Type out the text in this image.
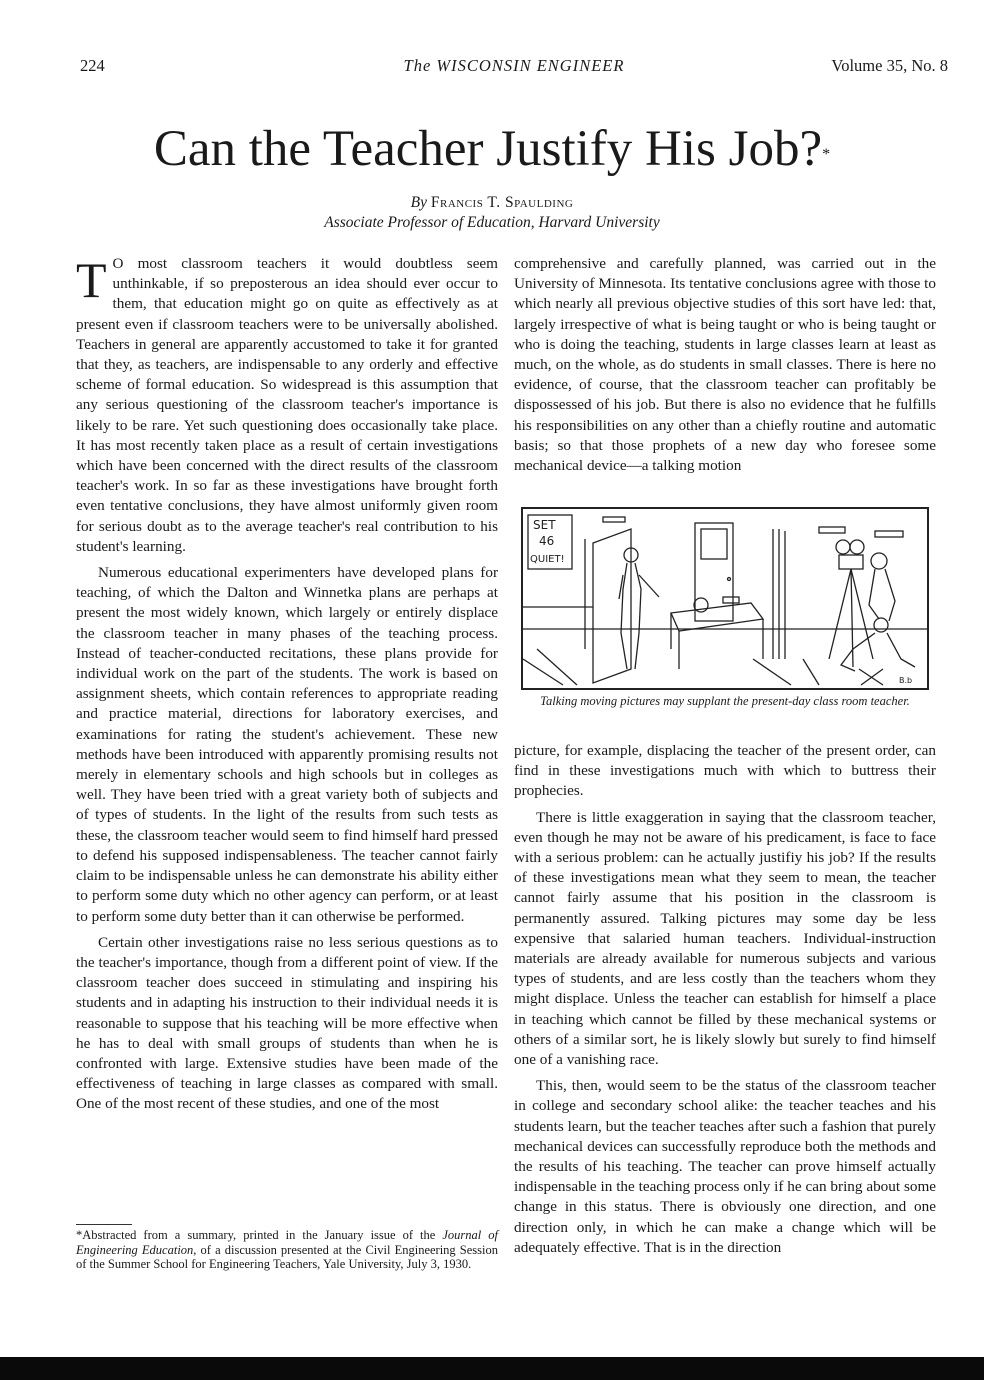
224	The WISCONSIN ENGINEER	Volume 35, No. 8
Can the Teacher Justify His Job?*
By Francis T. Spaulding
Associate Professor of Education, Harvard University

T O most classroom teachers it would doubtless seem unthinkable, if so preposterous an idea should ever occur to them, that education might go on quite as effectively as at present even if classroom teachers were to be universally abolished. Teachers in general are apparently accustomed to take it for granted that they, as teachers, are indispensable to any orderly and effective scheme of formal education. So widespread is this assumption that any serious questioning of the classroom teacher's importance is likely to be rare. Yet such questioning does occasionally take place. It has most recently taken place as a result of certain investigations which have been concerned with the direct results of the classroom teacher's work. In so far as these investigations have brought forth even tentative conclusions, they have almost uniformly given room for serious doubt as to the average teacher's real contribution to his student's learning.

Numerous educational experimenters have developed plans for teaching, of which the Dalton and Winnetka plans are perhaps at present the most widely known, which largely or entirely displace the classroom teacher in many phases of the teaching process. Instead of teacher-conducted recitations, these plans provide for individual work on the part of the students. The work is based on assignment sheets, which contain references to appropriate reading and practice material, directions for laboratory exercises, and examinations for rating the student's achievement. These new methods have been introduced with apparently promising results not merely in elementary schools and high schools but in colleges as well. They have been tried with a great variety both of subjects and of types of students. In the light of the results from such tests as these, the classroom teacher would seem to find himself hard pressed to defend his supposed indispensableness. The teacher cannot fairly claim to be indispensable unless he can demonstrate his ability either to perform some duty which no other agency can perform, or at least to perform some duty better than it can otherwise be performed.

Certain other investigations raise no less serious questions as to the teacher's importance, though from a different point of view. If the classroom teacher does succeed in stimulating and inspiring his students and in adapting his instruction to their individual needs it is reasonable to suppose that his teaching will be more effective when he has to deal with small groups of students than when he is confronted with large. Extensive studies have been made of the effectiveness of teaching in large classes as compared with small. One of the most recent of these studies, and one of the most

comprehensive and carefully planned, was carried out in the University of Minnesota. Its tentative conclusions agree with those to which nearly all previous objective studies of this sort have led: that, largely irrespective of what is being taught or who is being taught or who is doing the teaching, students in large classes learn at least as much, on the whole, as do students in small classes. There is here no evidence, of course, that the classroom teacher can profitably be dispossessed of his job. But there is also no evidence that he fulfills his responsibilities on any other than a chiefly routine and automatic basis; so that those prophets of a new day who foresee some mechanical device—a talking motion

SET
46
QUIET!
B.b
Talking moving pictures may supplant the present-day class room teacher.

picture, for example, displacing the teacher of the present order, can find in these investigations much with which to buttress their prophecies.

There is little exaggeration in saying that the classroom teacher, even though he may not be aware of his predicament, is face to face with a serious problem: can he actually justifiy his job? If the results of these investigations mean what they seem to mean, the teacher cannot fairly assume that his position in the classroom is permanently assured. Talking pictures may some day be less expensive that salaried human teachers. Individual-instruction materials are already available for numerous subjects and various types of students, and are less costly than the teachers whom they might displace. Unless the teacher can establish for himself a place in teaching which cannot be filled by these mechanical systems or others of a similar sort, he is likely slowly but surely to find himself one of a vanishing race.

This, then, would seem to be the status of the classroom teacher in college and secondary school alike: the teacher teaches and his students learn, but the teacher teaches after such a fashion that purely mechanical devices can successfully reproduce both the methods and the results of his teaching. The teacher can prove himself actually indispensable in the teaching process only if he can bring about some change in this status. There is obviously one direction, and one direction only, in which he can make a change which will be adequately effective. That is in the direction

*Abstracted from a summary, printed in the January issue of the Journal of Engineering Education, of a discussion presented at the Civil Engineering Session of the Summer School for Engineering Teachers, Yale University, July 3, 1930.
